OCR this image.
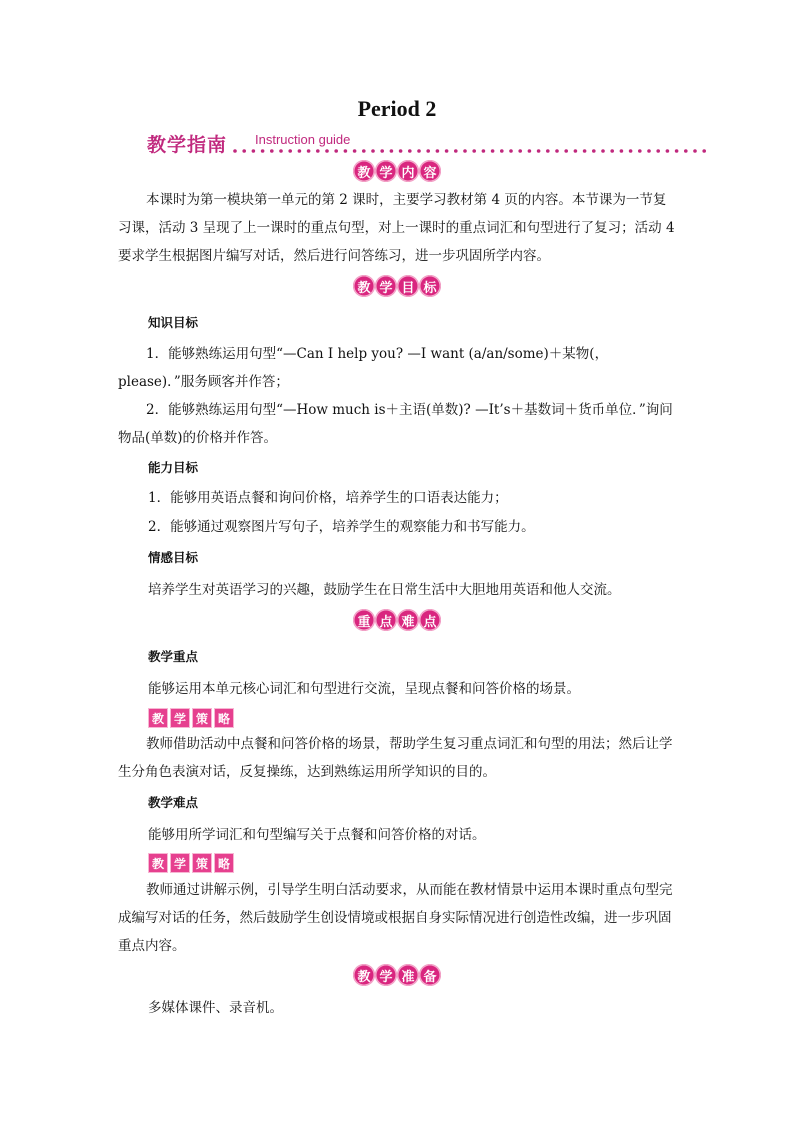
Period 2
教学指南 Instruction guide
教 学 内 容
本课时为第一模块第一单元的第 2 课时，主要学习教材第 4 页的内容。本节课为一节复习课，活动 3 呈现了上一课时的重点句型，对上一课时的重点词汇和句型进行了复习；活动 4 要求学生根据图片编写对话，然后进行问答练习，进一步巩固所学内容。
教 学 目 标
知识目标
1．能够熟练运用句型“—Can I help you? —I want (a/an/some)＋某物(，please)．”服务顾客并作答；
2．能够熟练运用句型“—How much is＋主语(单数)? —It’s＋基数词＋货币单位．”询问物品(单数)的价格并作答。
能力目标
1．能够用英语点餐和询问价格，培养学生的口语表达能力；
2．能够通过观察图片写句子，培养学生的观察能力和书写能力。
情感目标
培养学生对英语学习的兴趣，鼓励学生在日常生活中大胆地用英语和他人交流。
重 点 难 点
教学重点
能够运用本单元核心词汇和句型进行交流，呈现点餐和问答价格的场景。
教 学 策 略
教师借助活动中点餐和问答价格的场景，帮助学生复习重点词汇和句型的用法；然后让学生分角色表演对话，反复操练，达到熟练运用所学知识的目的。
教学难点
能够用所学词汇和句型编写关于点餐和问答价格的对话。
教 学 策 略
教师通过讲解示例，引导学生明白活动要求，从而能在教材情景中运用本课时重点句型完成编写对话的任务，然后鼓励学生创设情境或根据自身实际情况进行创造性改编，进一步巩固重点内容。
教 学 准 备
多媒体课件、录音机。
